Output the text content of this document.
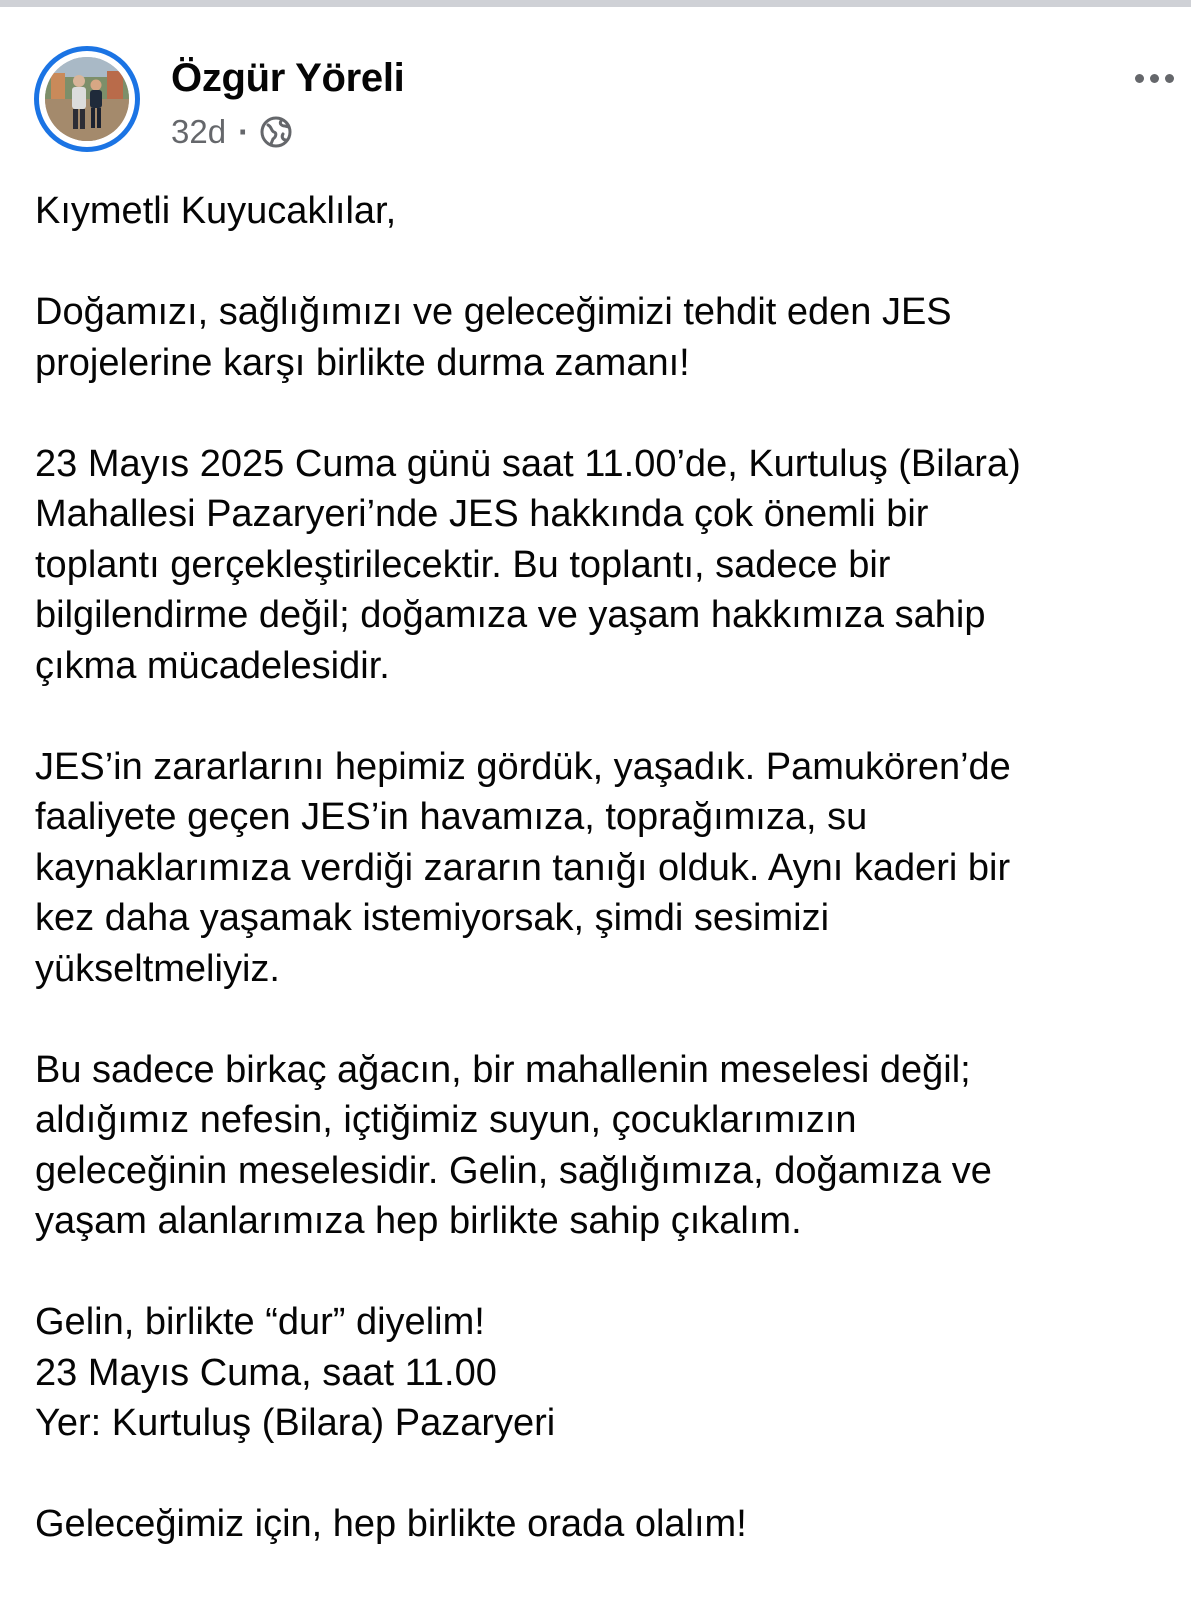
Özgür Yöreli
32d ·
Kıymetli Kuyucaklılar,
Doğamızı, sağlığımızı ve geleceğimizi tehdit eden JES
projelerine karşı birlikte durma zamanı!
23 Mayıs 2025 Cuma günü saat 11.00’de, Kurtuluş (Bilara)
Mahallesi Pazaryeri’nde JES hakkında çok önemli bir
toplantı gerçekleştirilecektir. Bu toplantı, sadece bir
bilgilendirme değil; doğamıza ve yaşam hakkımıza sahip
çıkma mücadelesidir.
JES’in zararlarını hepimiz gördük, yaşadık. Pamukören’de
faaliyete geçen JES’in havamıza, toprağımıza, su
kaynaklarımıza verdiği zararın tanığı olduk. Aynı kaderi bir
kez daha yaşamak istemiyorsak, şimdi sesimizi
yükseltmeliyiz.
Bu sadece birkaç ağacın, bir mahallenin meselesi değil;
aldığımız nefesin, içtiğimiz suyun, çocuklarımızın
geleceğinin meselesidir. Gelin, sağlığımıza, doğamıza ve
yaşam alanlarımıza hep birlikte sahip çıkalım.
Gelin, birlikte “dur” diyelim!
23 Mayıs Cuma, saat 11.00
Yer: Kurtuluş (Bilara) Pazaryeri
Geleceğimiz için, hep birlikte orada olalım!
